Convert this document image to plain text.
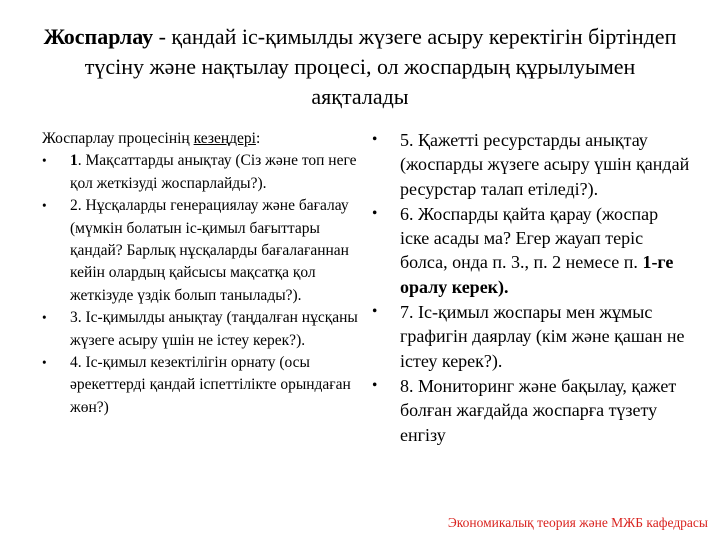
Жоспарлау - қандай іс-қимылды жүзеге асыру керектігін біртіндеп түсіну және нақтылау процесі, ол жоспардың құрылуымен аяқталады
Жоспарлау процесінің кезеңдері:
• 1. Мақсаттарды анықтау (Сіз және топ неге қол жеткізуді жоспарлайды?).
• 2. Нұсқаларды генерациялау және бағалау (мүмкін болатын іс-қимыл бағыттары қандай? Барлық нұсқаларды бағалағаннан кейін олардың қайсысы мақсатқа қол жеткізуде үздік болып танылады?).
• 3. Іс-қимылды анықтау (таңдалған нұсқаны жүзеге асыру үшін не істеу керек?).
• 4. Іс-қимыл кезектілігін орнату (осы әрекеттерді қандай іспеттілікте орындаған жөн?)
• 5. Қажетті ресурстарды анықтау (жоспарды жүзеге асыру үшін қандай ресурстар талап етіледі?).
• 6. Жоспарды қайта қарау (жоспар іске асады ма? Егер жауап теріс болса, онда п. 3., п. 2 немесе п. 1-ге оралу керек).
• 7. Іс-қимыл жоспары мен жұмыс графигін даярлау (кім және қашан не істеу керек?).
• 8. Мониторинг және бақылау, қажет болған жағдайда жоспарға түзету енгізу
Экономикалық теория және МЖБ кафедрасы
